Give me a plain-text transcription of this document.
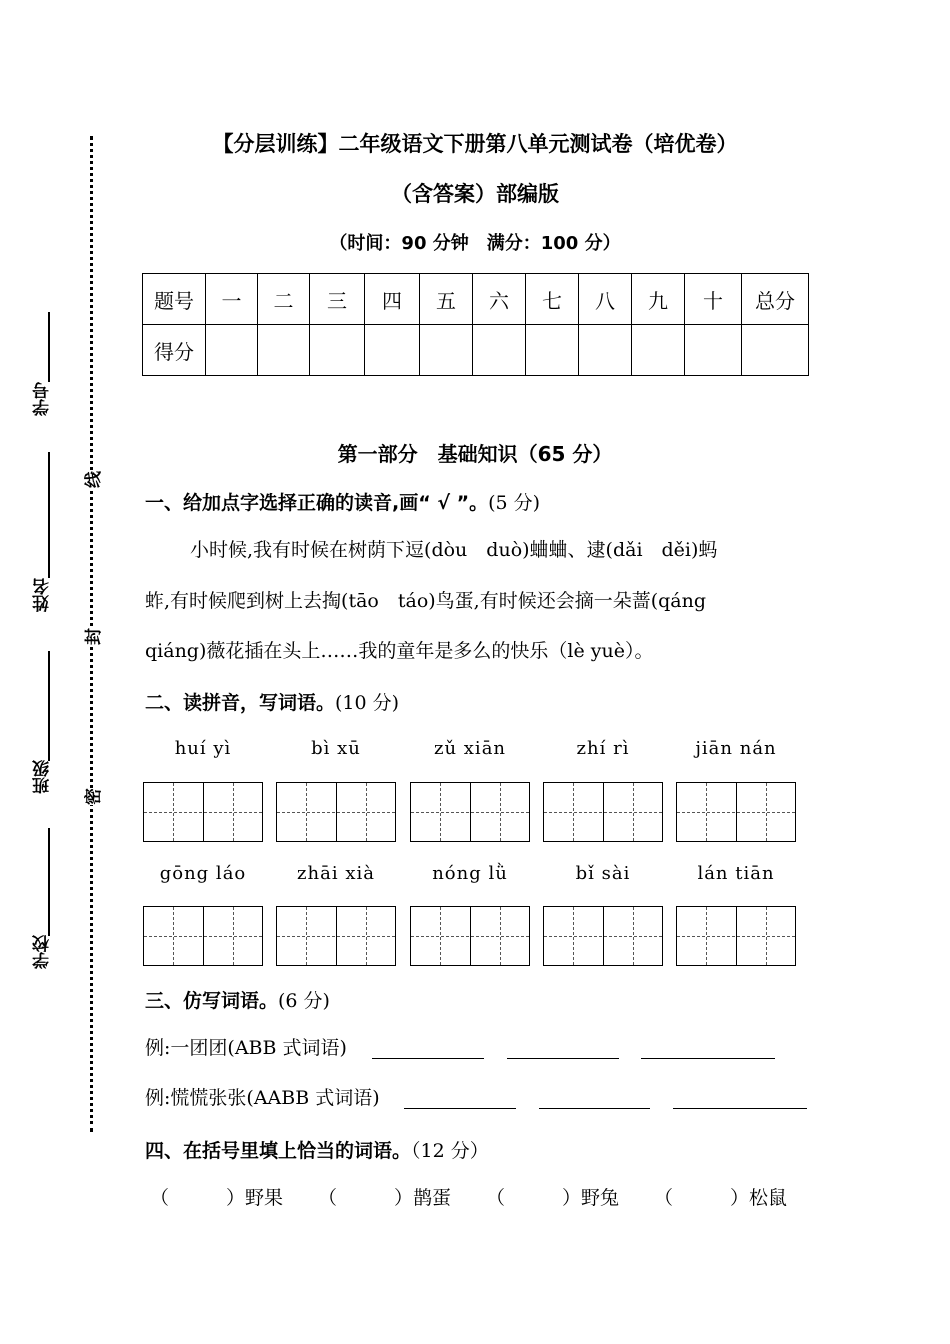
学号
姓名
班级
学校
线
封
密
【分层训练】二年级语文下册第八单元测试卷（培优卷）
（含答案）部编版
（时间：90 分钟　满分：100 分）
题号	一	二	三	四	五	六	七	八	九	十	总分
得分											
第一部分　基础知识（65 分）
一、给加点字选择正确的读音,画“ √ ”。(5 分)
小时候,我有时候在树荫下逗(dòu　duò)蛐蛐、逮(dǎi　děi)蚂
蚱,有时候爬到树上去掏(tāo　táo)鸟蛋,有时候还会摘一朵蔷(qáng
qiáng)薇花插在头上……我的童年是多么的快乐（lè yuè）。
二、读拼音，写词语。(10 分)
huí yì	bì xū	zǔ xiān	zhí rì	jiān nán
gōng láo	zhāi xià	nóng lǜ	bǐ sài	lán tiān
三、仿写词语。(6 分)
例:一团团(ABB 式词语)
例:慌慌张张(AABB 式词语)
四、在括号里填上恰当的词语。（12 分）
（　　　）野果 （　　　）鹊蛋 （　　　）野兔 （　　　）松鼠
